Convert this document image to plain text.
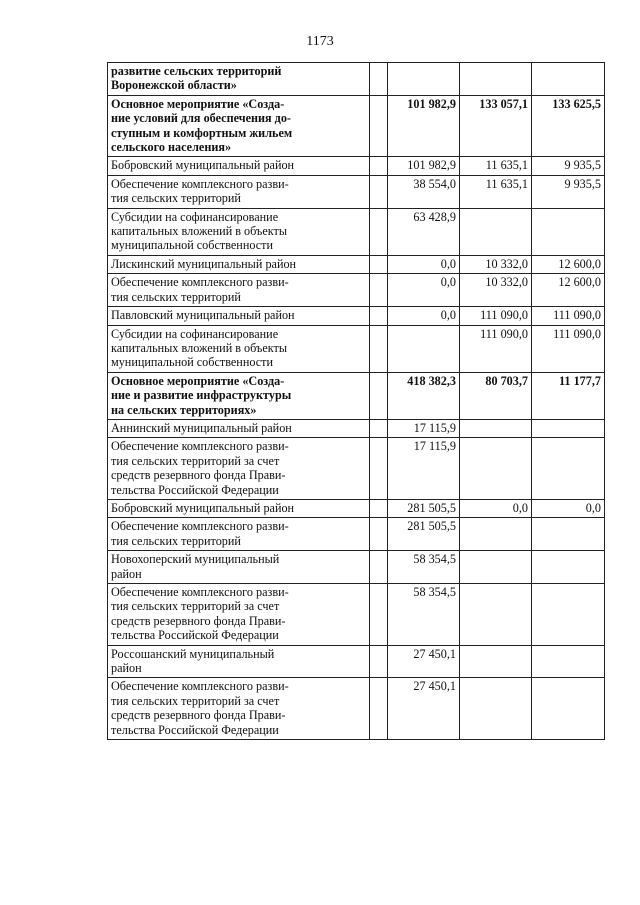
1173
развитие сельских территорий
Воронежской области»				
Основное мероприятие «Созда-
ние условий для обеспечения до-
ступным и комфортным жильем
сельского населения»		101 982,9	133 057,1	133 625,5
Бобровский муниципальный район		101 982,9	11 635,1	9 935,5
Обеспечение комплексного разви-
тия сельских территорий		38 554,0	11 635,1	9 935,5
Субсидии на софинансирование
капитальных вложений в объекты
муниципальной собственности		63 428,9		
Лискинский муниципальный район		0,0	10 332,0	12 600,0
Обеспечение комплексного разви-
тия сельских территорий		0,0	10 332,0	12 600,0
Павловский муниципальный район		0,0	111 090,0	111 090,0
Субсидии на софинансирование
капитальных вложений в объекты
муниципальной собственности			111 090,0	111 090,0
Основное мероприятие «Созда-
ние и развитие инфраструктуры
на сельских территориях»		418 382,3	80 703,7	11 177,7
Аннинский муниципальный район		17 115,9		
Обеспечение комплексного разви-
тия сельских территорий за счет
средств резервного фонда Прави-
тельства Российской Федерации		17 115,9		
Бобровский муниципальный район		281 505,5	0,0	0,0
Обеспечение комплексного разви-
тия сельских территорий		281 505,5		
Новохоперский муниципальный
район		58 354,5		
Обеспечение комплексного разви-
тия сельских территорий за счет
средств резервного фонда Прави-
тельства Российской Федерации		58 354,5		
Россошанский муниципальный
район		27 450,1		
Обеспечение комплексного разви-
тия сельских территорий за счет
средств резервного фонда Прави-
тельства Российской Федерации		27 450,1		
